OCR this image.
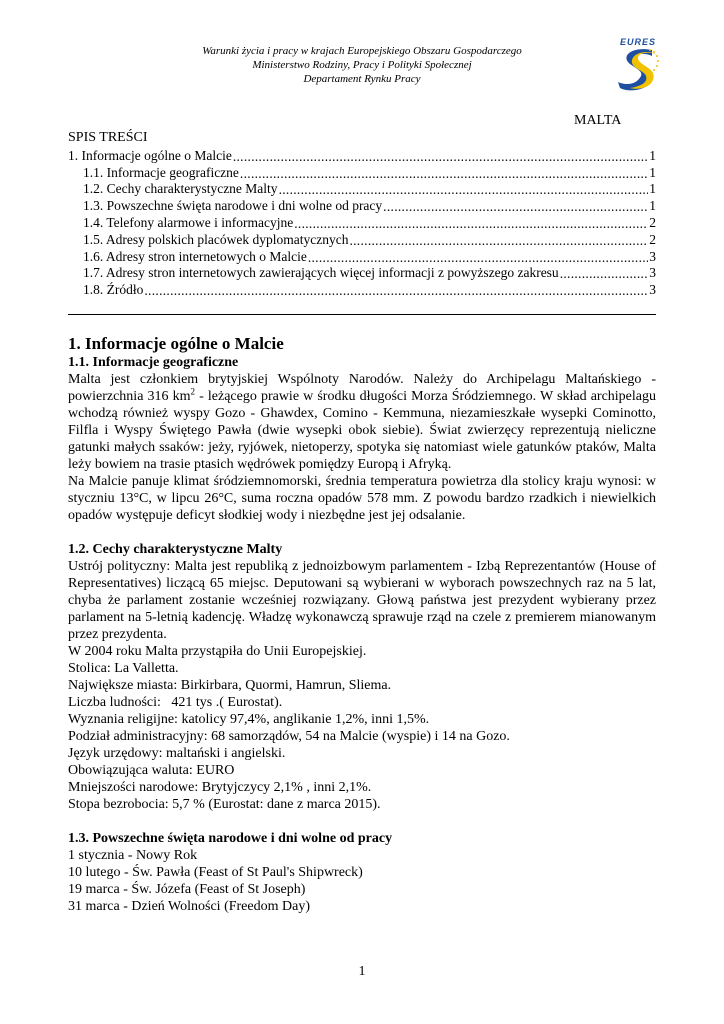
Warunki życia i pracy w krajach Europejskiego Obszaru Gospodarczego
Ministerstwo Rodziny, Pracy i Polityki Społecznej
Departament Rynku Pracy
EURES
MALTA
SPIS TREŚCI
1. Informacje ogólne o Malcie .....	1
1.1. Informacje geograficzne .....	1
1.2. Cechy charakterystyczne Malty .....	1
1.3. Powszechne święta narodowe i dni wolne od pracy .....	1
1.4. Telefony alarmowe i informacyjne .....	2
1.5. Adresy polskich placówek dyplomatycznych .....	2
1.6. Adresy stron internetowych o Malcie .....	3
1.7. Adresy stron internetowych zawierających więcej informacji z powyższego zakresu .....	3
1.8. Źródło .....	3
1. Informacje ogólne o Malcie
1.1. Informacje geograficzne

Malta jest członkiem brytyjskiej Wspólnoty Narodów. Należy do Archipelagu Maltańskiego - powierzchnia 316 $km^2$ - leżącego prawie w środku długości Morza Śródziemnego. W skład archipelagu wchodzą również wyspy Gozo - Ghawdex, Comino - Kemmuna, niezamieszkałe wysepki Cominotto, Filfla i Wyspy Świętego Pawła (dwie wysepki obok siebie). Świat zwierzęcy reprezentują nieliczne gatunki małych ssaków: jeży, ryjówek, nietoperzy, spotyka się natomiast wiele gatunków ptaków, Malta leży bowiem na trasie ptasich wędrówek pomiędzy Europą i Afryką.

Na Malcie panuje klimat śródziemnomorski, średnia temperatura powietrza dla stolicy kraju wynosi: w styczniu 13°C, w lipcu 26°C, suma roczna opadów 578 mm. Z powodu bardzo rzadkich i niewielkich opadów występuje deficyt słodkiej wody i niezbędne jest jej odsalanie.

1.2. Cechy charakterystyczne Malty

Ustrój polityczny: Malta jest republiką z jednoizbowym parlamentem - Izbą Reprezentantów (House of Representatives) liczącą 65 miejsc. Deputowani są wybierani w wyborach powszechnych raz na 5 lat, chyba że parlament zostanie wcześniej rozwiązany. Głową państwa jest prezydent wybierany przez parlament na 5-letnią kadencję. Władzę wykonawczą sprawuje rząd na czele z premierem mianowanym przez prezydenta.

W 2004 roku Malta przystąpiła do Unii Europejskiej.
Stolica: La Valletta.
Największe miasta: Birkirbara, Quormi, Hamrun, Sliema.
Liczba ludności:   421 tys .( Eurostat).
Wyznania religijne: katolicy 97,4%, anglikanie 1,2%, inni 1,5%.
Podział administracyjny: 68 samorządów, 54 na Malcie (wyspie) i 14 na Gozo.
Język urzędowy: maltański i angielski.
Obowiązująca waluta: EURO
Mniejszości narodowe: Brytyjczycy 2,1% , inni 2,1%.
Stopa bezrobocia: 5,7 % (Eurostat: dane z marca 2015).
1.3. Powszechne święta narodowe i dni wolne od pracy
1 stycznia - Nowy Rok
10 lutego - Św. Pawła (Feast of St Paul's Shipwreck)
19 marca - Św. Józefa (Feast of St Joseph)
31 marca - Dzień Wolności (Freedom Day)
1
